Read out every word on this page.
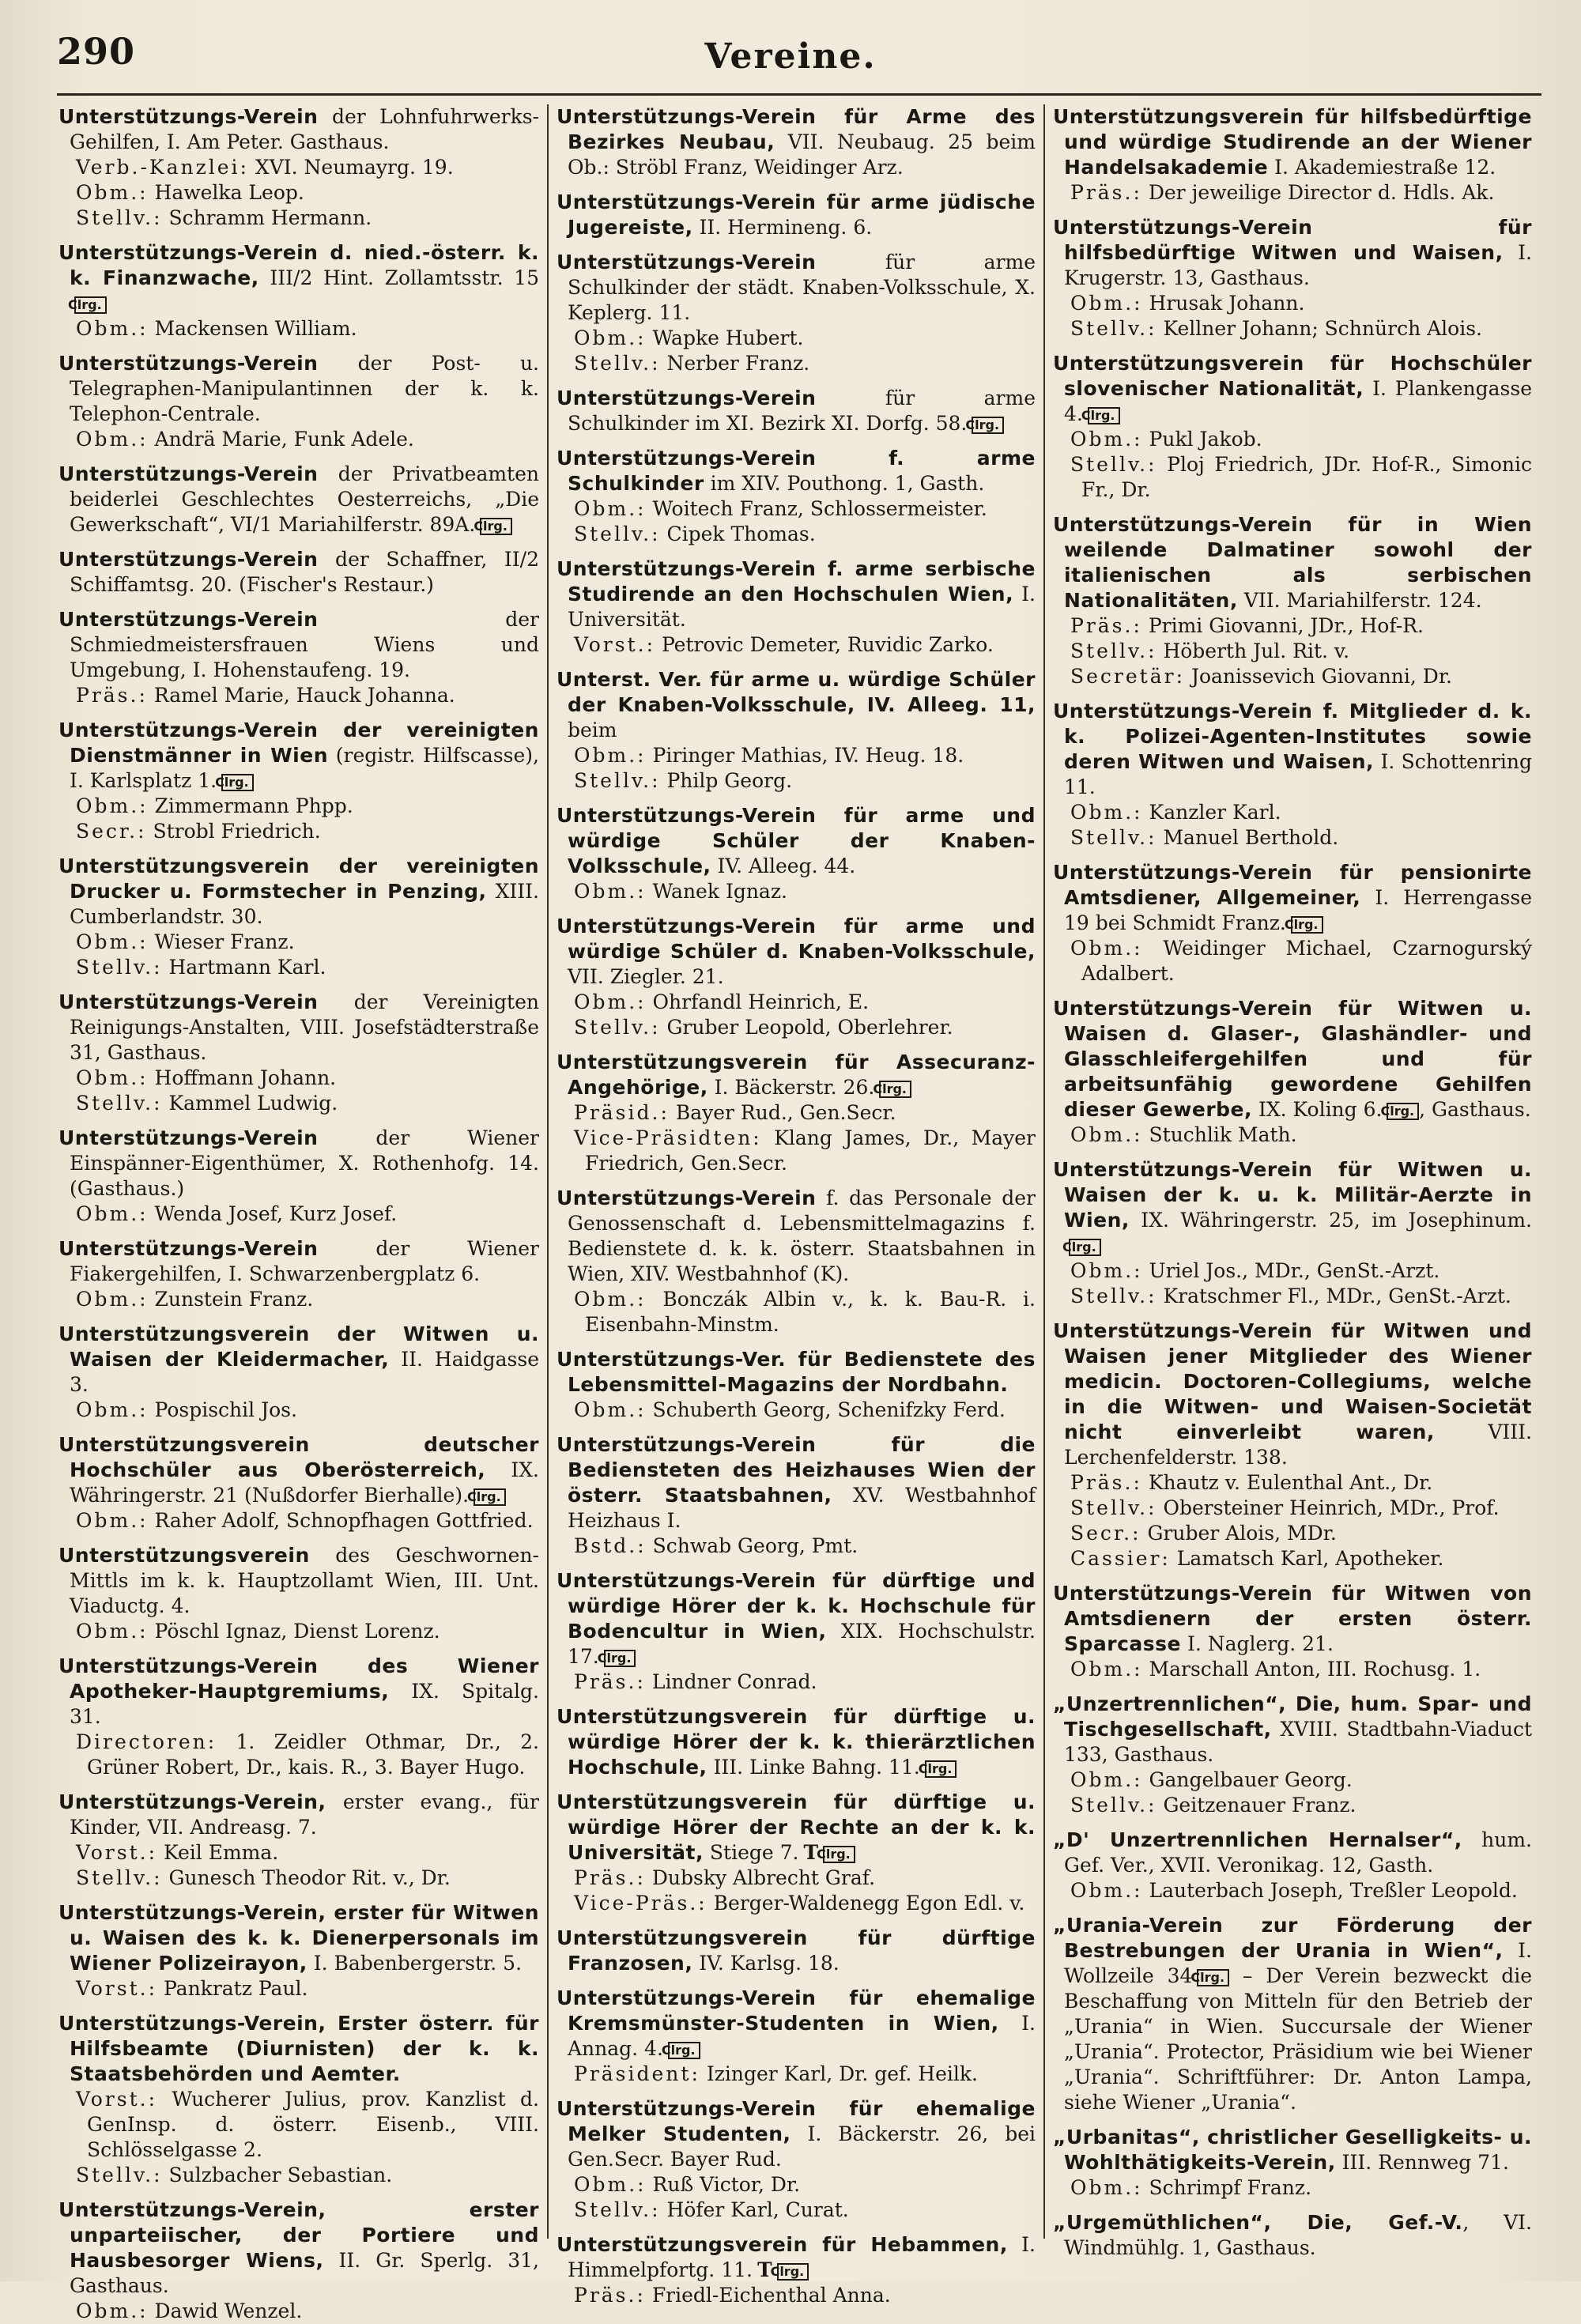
290	Vereine.
Unterstützungs-Verein der Lohnfuhrwerks-Gehilfen, I. Am Peter. Gasthaus.
Verb.-Kanzlei: XVI. Neumayrg. 19.
Obm.: Hawelka Leop.
Stellv.: Schramm Hermann.
Unterstützungs-Verein d. nied.-österr. k. k. Finanzwache, III/2 Hint. Zollamtsstr. 15Clrg.
Obm.: Mackensen William.
Unterstützungs-Verein der Post- u. Telegraphen-Manipulantinnen der k. k. Telephon-Centrale.
Obm.: Andrä Marie, Funk Adele.
Unterstützungs-Verein der Privatbeamten beiderlei Geschlechtes Oesterreichs, „Die Gewerkschaft“, VI/1 Mariahilferstr. 89A.Clrg.
Unterstützungs-Verein der Schaffner, II/2 Schiffamtsg. 20. (Fischer's Restaur.)
Unterstützungs-Verein der Schmiedmeistersfrauen Wiens und Umgebung, I. Hohenstaufeng. 19.
Präs.: Ramel Marie, Hauck Johanna.
Unterstützungs-Verein der vereinigten Dienstmänner in Wien (registr. Hilfscasse), I. Karlsplatz 1.Clrg.
Obm.: Zimmermann Phpp.
Secr.: Strobl Friedrich.
Unterstützungsverein der vereinigten Drucker u. Formstecher in Penzing, XIII. Cumberlandstr. 30.
Obm.: Wieser Franz.
Stellv.: Hartmann Karl.
Unterstützungs-Verein der Vereinigten Reinigungs-Anstalten, VIII. Josefstädterstraße 31, Gasthaus.
Obm.: Hoffmann Johann.
Stellv.: Kammel Ludwig.
Unterstützungs-Verein der Wiener Einspänner-Eigenthümer, X. Rothenhofg. 14. (Gasthaus.)
Obm.: Wenda Josef, Kurz Josef.
Unterstützungs-Verein der Wiener Fiakergehilfen, I. Schwarzenbergplatz 6.
Obm.: Zunstein Franz.
Unterstützungsverein der Witwen u. Waisen der Kleidermacher, II. Haidgasse 3.
Obm.: Pospischil Jos.
Unterstützungsverein deutscher Hochschüler aus Oberösterreich, IX. Währingerstr. 21 (Nußdorfer Bierhalle).Clrg.
Obm.: Raher Adolf, Schnopfhagen Gottfried.
Unterstützungsverein des Geschwornen-Mittls im k. k. Hauptzollamt Wien, III. Unt. Viaductg. 4.
Obm.: Pöschl Ignaz, Dienst Lorenz.
Unterstützungs-Verein des Wiener Apotheker-Hauptgremiums, IX. Spitalg. 31.
Directoren: 1. Zeidler Othmar, Dr., 2. Grüner Robert, Dr., kais. R., 3. Bayer Hugo.
Unterstützungs-Verein, erster evang., für Kinder, VII. Andreasg. 7.
Vorst.: Keil Emma.
Stellv.: Gunesch Theodor Rit. v., Dr.
Unterstützungs-Verein, erster für Witwen u. Waisen des k. k. Dienerpersonals im Wiener Polizeirayon, I. Babenbergerstr. 5.
Vorst.: Pankratz Paul.
Unterstützungs-Verein, Erster österr. für Hilfsbeamte (Diurnisten) der k. k. Staatsbehörden und Aemter.
Vorst.: Wucherer Julius, prov. Kanzlist d. GenInsp. d. österr. Eisenb., VIII. Schlösselgasse 2.
Stellv.: Sulzbacher Sebastian.
Unterstützungs-Verein, erster unparteiischer, der Portiere und Hausbesorger Wiens, II. Gr. Sperlg. 31, Gasthaus.
Obm.: Dawid Wenzel.
Unterstützungs-Verein für Arme des Bezirkes Neubau, VII. Neubaug. 25 beim Ob.: Ströbl Franz, Weidinger Arz.
Unterstützungs-Verein für arme jüdische Jugereiste, II. Hermineng. 6.
Unterstützungs-Verein für arme Schulkinder der städt. Knaben-Volksschule, X. Keplerg. 11.
Obm.: Wapke Hubert.
Stellv.: Nerber Franz.
Unterstützungs-Verein für arme Schulkinder im XI. Bezirk XI. Dorfg. 58.Clrg.
Unterstützungs-Verein f. arme Schulkinder im XIV. Pouthong. 1, Gasth.
Obm.: Woitech Franz, Schlossermeister.
Stellv.: Cipek Thomas.
Unterstützungs-Verein f. arme serbische Studirende an den Hochschulen Wien, I. Universität.
Vorst.: Petrovic Demeter, Ruvidic Zarko.
Unterst. Ver. für arme u. würdige Schüler der Knaben-Volksschule, IV. Alleeg. 11, beim
Obm.: Piringer Mathias, IV. Heug. 18.
Stellv.: Philp Georg.
Unterstützungs-Verein für arme und würdige Schüler der Knaben-Volksschule, IV. Alleeg. 44.
Obm.: Wanek Ignaz.
Unterstützungs-Verein für arme und würdige Schüler d. Knaben-Volksschule, VII. Ziegler. 21.
Obm.: Ohrfandl Heinrich, E.
Stellv.: Gruber Leopold, Oberlehrer.
Unterstützungsverein für Assecuranz-Angehörige, I. Bäckerstr. 26.Clrg.
Präsid.: Bayer Rud., Gen.Secr.
Vice-Präsidten: Klang James, Dr., Mayer Friedrich, Gen.Secr.
Unterstützungs-Verein f. das Personale der Genossenschaft d. Lebensmittelmagazins f. Bedienstete d. k. k. österr. Staatsbahnen in Wien, XIV. Westbahnhof (K).
Obm.: Bonczák Albin v., k. k. Bau-R. i. Eisenbahn-Minstm.
Unterstützungs-Ver. für Bedienstete des Lebensmittel-Magazins der Nordbahn.
Obm.: Schuberth Georg, Schenifzky Ferd.
Unterstützungs-Verein für die Bediensteten des Heizhauses Wien der österr. Staatsbahnen, XV. Westbahnhof Heizhaus I.
Bstd.: Schwab Georg, Pmt.
Unterstützungs-Verein für dürftige und würdige Hörer der k. k. Hochschule für Bodencultur in Wien, XIX. Hochschulstr. 17.Clrg.
Präs.: Lindner Conrad.
Unterstützungsverein für dürftige u. würdige Hörer der k. k. thierärztlichen Hochschule, III. Linke Bahng. 11.Clrg.
Unterstützungsverein für dürftige u. würdige Hörer der Rechte an der k. k. Universität, Stiege 7. TClrg.
Präs.: Dubsky Albrecht Graf.
Vice-Präs.: Berger-Waldenegg Egon Edl. v.
Unterstützungsverein für dürftige Franzosen, IV. Karlsg. 18.
Unterstützungs-Verein für ehemalige Kremsmünster-Studenten in Wien, I. Annag. 4.Clrg.
Präsident: Izinger Karl, Dr. gef. Heilk.
Unterstützungs-Verein für ehemalige Melker Studenten, I. Bäckerstr. 26, bei Gen.Secr. Bayer Rud.
Obm.: Ruß Victor, Dr.
Stellv.: Höfer Karl, Curat.
Unterstützungsverein für Hebammen, I. Himmelpfortg. 11. TClrg.
Präs.: Friedl-Eichenthal Anna.
Unterstützungsverein für hilfsbedürftige und würdige Studirende an der Wiener Handelsakademie I. Akademiestraße 12.
Präs.: Der jeweilige Director d. Hdls. Ak.
Unterstützungs-Verein für hilfsbedürftige Witwen und Waisen, I. Krugerstr. 13, Gasthaus.
Obm.: Hrusak Johann.
Stellv.: Kellner Johann; Schnürch Alois.
Unterstützungsverein für Hochschüler slovenischer Nationalität, I. Plankengasse 4.Clrg.
Obm.: Pukl Jakob.
Stellv.: Ploj Friedrich, JDr. Hof-R., Simonic Fr., Dr.
Unterstützungs-Verein für in Wien weilende Dalmatiner sowohl der italienischen als serbischen Nationalitäten, VII. Mariahilferstr. 124.
Präs.: Primi Giovanni, JDr., Hof-R.
Stellv.: Höberth Jul. Rit. v.
Secretär: Joanissevich Giovanni, Dr.
Unterstützungs-Verein f. Mitglieder d. k. k. Polizei-Agenten-Institutes sowie deren Witwen und Waisen, I. Schottenring 11.
Obm.: Kanzler Karl.
Stellv.: Manuel Berthold.
Unterstützungs-Verein für pensionirte Amtsdiener, Allgemeiner, I. Herrengasse 19 bei Schmidt Franz.Clrg.
Obm.: Weidinger Michael, Czarnogurský Adalbert.
Unterstützungs-Verein für Witwen u. Waisen d. Glaser-, Glashändler- und Glasschleifergehilfen und für arbeitsunfähig gewordene Gehilfen dieser Gewerbe, IX. Koling 6.Clrg. , Gasthaus.
Obm.: Stuchlik Math.
Unterstützungs-Verein für Witwen u. Waisen der k. u. k. Militär-Aerzte in Wien, IX. Währingerstr. 25, im Josephinum.Clrg.
Obm.: Uriel Jos., MDr., GenSt.-Arzt.
Stellv.: Kratschmer Fl., MDr., GenSt.-Arzt.
Unterstützungs-Verein für Witwen und Waisen jener Mitglieder des Wiener medicin. Doctoren-Collegiums, welche in die Witwen- und Waisen-Societät nicht einverleibt waren, VIII. Lerchenfelderstr. 138.
Präs.: Khautz v. Eulenthal Ant., Dr.
Stellv.: Obersteiner Heinrich, MDr., Prof.
Secr.: Gruber Alois, MDr.
Cassier: Lamatsch Karl, Apotheker.
Unterstützungs-Verein für Witwen von Amtsdienern der ersten österr. Sparcasse I. Naglerg. 21.
Obm.: Marschall Anton, III. Rochusg. 1.
„Unzertrennlichen“, Die, hum. Spar- und Tischgesellschaft, XVIII. Stadtbahn-Viaduct 133, Gasthaus.
Obm.: Gangelbauer Georg.
Stellv.: Geitzenauer Franz.
„D' Unzertrennlichen Hernalser“, hum. Gef. Ver., XVII. Veronikag. 12, Gasth.
Obm.: Lauterbach Joseph, Treßler Leopold.
„Urania-Verein zur Förderung der Bestrebungen der Urania in Wien“, I. Wollzeile 34Clrg. – Der Verein bezweckt die Beschaffung von Mitteln für den Betrieb der „Urania“ in Wien. Succursale der Wiener „Urania“. Protector, Präsidium wie bei Wiener „Urania“. Schriftführer: Dr. Anton Lampa, siehe Wiener „Urania“.
„Urbanitas“, christlicher Geselligkeits- u. Wohlthätigkeits-Verein, III. Rennweg 71.
Obm.: Schrimpf Franz.
„Urgemüthlichen“, Die, Gef.-V., VI. Windmühlg. 1, Gasthaus.
